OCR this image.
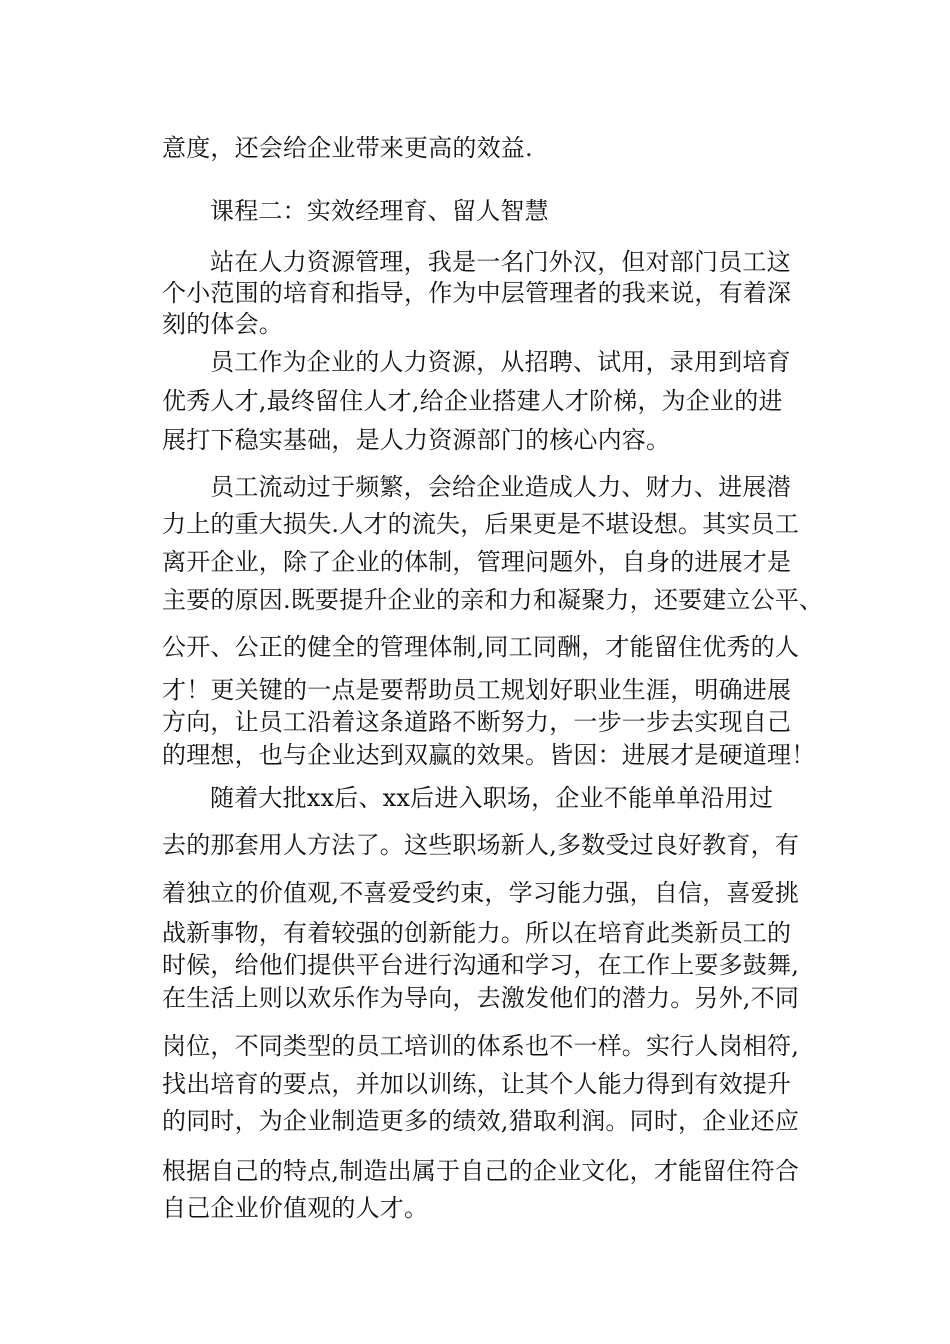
意度，还会给企业带来更高的效益.
课程二：实效经理育、留人智慧
站在人力资源管理，我是一名门外汉，但对部门员工这
个小范围的培育和指导，作为中层管理者的我来说，有着深
刻的体会。
员工作为企业的人力资源，从招聘、试用，录用到培育
优秀人才,最终留住人才,给企业搭建人才阶梯，为企业的进
展打下稳实基础，是人力资源部门的核心内容。
员工流动过于频繁，会给企业造成人力、财力、进展潜
力上的重大损失.人才的流失，后果更是不堪设想。其实员工
离开企业，除了企业的体制，管理问题外，自身的进展才是
主要的原因.既要提升企业的亲和力和凝聚力，还要建立公平、
公开、公正的健全的管理体制,同工同酬，才能留住优秀的人
才！更关键的一点是要帮助员工规划好职业生涯，明确进展
方向，让员工沿着这条道路不断努力，一步一步去实现自己
的理想，也与企业达到双赢的效果。皆因：进展才是硬道理！
随着大批xx后、xx后进入职场，企业不能单单沿用过
去的那套用人方法了。这些职场新人,多数受过良好教育，有
着独立的价值观,不喜爱受约束，学习能力强，自信，喜爱挑
战新事物，有着较强的创新能力。所以在培育此类新员工的
时候，给他们提供平台进行沟通和学习，在工作上要多鼓舞,
在生活上则以欢乐作为导向，去激发他们的潜力。另外,不同
岗位，不同类型的员工培训的体系也不一样。实行人岗相符,
找出培育的要点，并加以训练，让其个人能力得到有效提升
的同时，为企业制造更多的绩效,猎取利润。同时，企业还应
根据自己的特点,制造出属于自己的企业文化，才能留住符合
自己企业价值观的人才。
